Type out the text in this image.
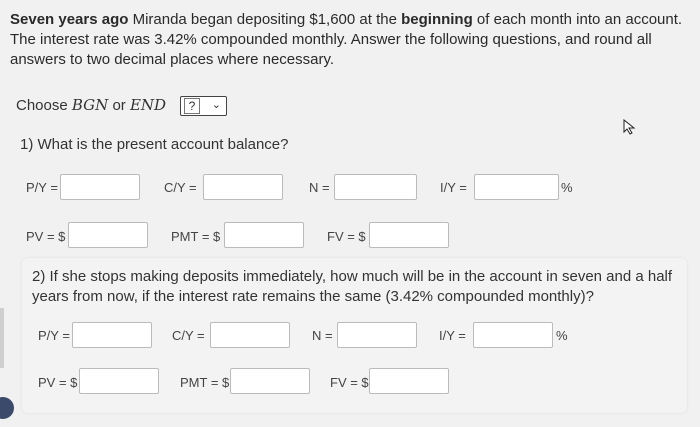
Seven years ago Miranda began depositing $1,600 at the beginning of each month into an account. The interest rate was 3.42% compounded monthly. Answer the following questions, and round all answers to two decimal places where necessary.
Choose BGN or END	?	⌄
1) What is the present account balance?
P/Y =	C/Y =	N =	I/Y =	%
PV = $	PMT = $	FV = $
2) If she stops making deposits immediately, how much will be in the account in seven and a half years from now, if the interest rate remains the same (3.42% compounded monthly)?
P/Y =	C/Y =	N =	I/Y =	%
PV = $	PMT = $	FV = $
